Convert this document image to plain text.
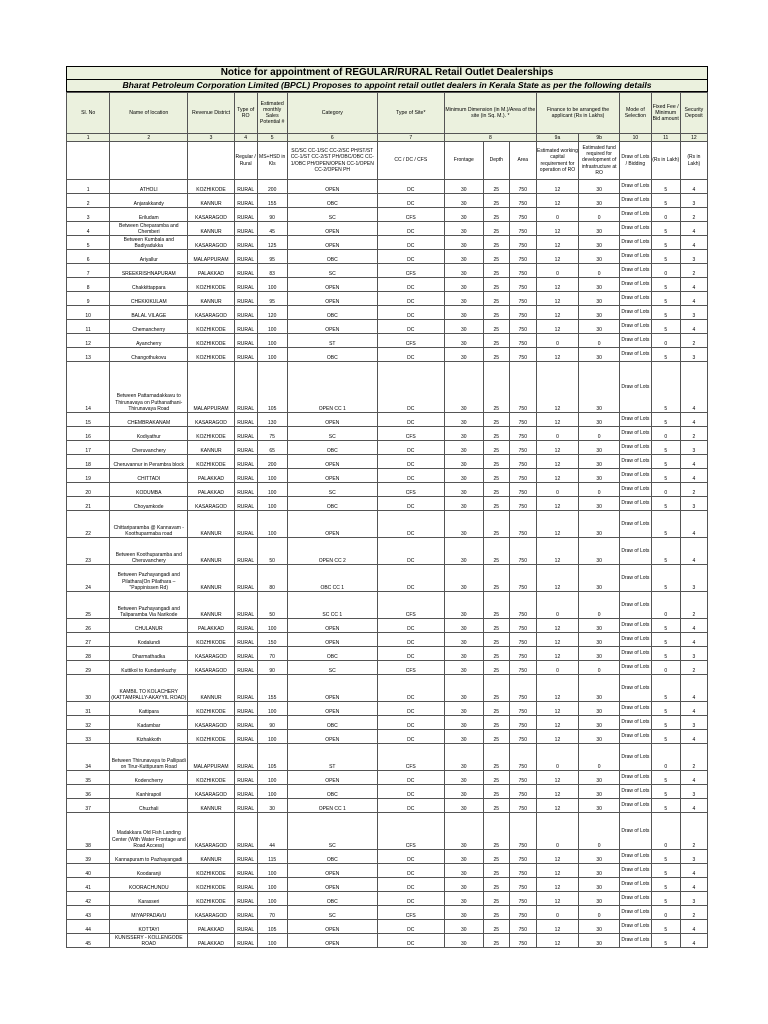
Notice for appointment of REGULAR/RURAL Retail Outlet Dealerships
Bharat Petroleum Corporation Limited (BPCL) Proposes to appoint retail outlet dealers in Kerala State as per the following details
Sl. No	Name of location	Revenue District	Type of RO	Estimated monthly Sales Potential #	Category	Type of Site*	Minimum Dimension (in M.)/Area of the site (in Sq. M.). *			Finance to be arranged the applicant (Rs in Lakhs)		Mode of Selection	Fixed Fee / Minimum Bid amount	Security Deposit
1	2	3	4	5	6	7	8			9a	9b	10	11	12
			Regular / Rural	MS+HSD in Kls	SC/SC CC-1/SC CC-2/SC PH/ST/ST CC-1/ST CC-2/ST PH/OBC/OBC CC-1/OBC PH/OPEN/OPEN CC-1/OPEN CC-2/OPEN PH	CC / DC / CFS	Frontage	Depth	Area	Estimated working capital requirement for operation of RO	Estimated fund required for development of infrastructure at RO	Draw of Lots / Bidding	(Rs in Lakh)	(Rs in Lakh)
1	ATHOLI	KOZHIKODE	RURAL	200	OPEN	DC	30	25	750	12	30	Draw of Lots	5	4
2	Anjarakkandy	KANNUR	RURAL	155	OBC	DC	30	25	750	12	30	Draw of Lots	5	3
3	Eriludam	KASARAGOD	RURAL	90	SC	CFS	30	25	750	0	0	Draw of Lots	0	2
4	Between Cheparamba and Chemberi	KANNUR	RURAL	45	OPEN	DC	30	25	750	12	30	Draw of Lots	5	4
5	Between Kumbala and Badiyadukka	KASARAGOD	RURAL	125	OPEN	DC	30	25	750	12	30	Draw of Lots	5	4
6	Ariyallur	MALAPPURAM	RURAL	95	OBC	DC	30	25	750	12	30	Draw of Lots	5	3
7	SREEKRISHNAPURAM	PALAKKAD	RURAL	83	SC	CFS	30	25	750	0	0	Draw of Lots	0	2
8	Chakkittappara	KOZHIKODE	RURAL	100	OPEN	DC	30	25	750	12	30	Draw of Lots	5	4
9	CHEKKIKULAM	KANNUR	RURAL	95	OPEN	DC	30	25	750	12	30	Draw of Lots	5	4
10	BALAL VILAGE	KASARAGOD	RURAL	120	OBC	DC	30	25	750	12	30	Draw of Lots	5	3
11	Chemancherry	KOZHIKODE	RURAL	100	OPEN	DC	30	25	750	12	30	Draw of Lots	5	4
12	Ayancherry	KOZHIKODE	RURAL	100	ST	CFS	30	25	750	0	0	Draw of Lots	0	2
13	Changothukovu	KOZHIKODE	RURAL	100	OBC	DC	30	25	750	12	30	Draw of Lots	5	3
14	Between Pattarnadakkavu to Thirunavaya on Puthanathani-Thirunavaya Road	MALAPPURAM	RURAL	105	OPEN CC 1	DC	30	25	750	12	30	Draw of Lots	5	4
15	CHEMBRAKANAM	KASARAGOD	RURAL	130	OPEN	DC	30	25	750	12	30	Draw of Lots	5	4
16	Kodiyathur	KOZHIKODE	RURAL	75	SC	CFS	30	25	750	0	0	Draw of Lots	0	2
17	Cheruvanchery	KANNUR	RURAL	65	OBC	DC	30	25	750	12	30	Draw of Lots	5	3
18	Cheruvannur in Perambra block	KOZHIKODE	RURAL	200	OPEN	DC	30	25	750	12	30	Draw of Lots	5	4
19	CHITTADI	PALAKKAD	RURAL	100	OPEN	DC	30	25	750	12	30	Draw of Lots	5	4
20	KODUMBA	PALAKKAD	RURAL	100	SC	CFS	30	25	750	0	0	Draw of Lots	0	2
21	Choyamkode	KASARAGOD	RURAL	100	OBC	DC	30	25	750	12	30	Draw of Lots	5	3
22	Chittariparamba @ Kannavam - Koothuparmaba road	KANNUR	RURAL	100	OPEN	DC	30	25	750	12	30	Draw of Lots	5	4
23	Between Koothuparamba and Cheruvanchery	KANNUR	RURAL	50	OPEN CC 2	DC	30	25	750	12	30	Draw of Lots	5	4
24	Between Pazhayangadi and Pilathara(On Pilathara – "Pappinissen Rd)	KANNUR	RURAL	80	OBC CC 1	DC	30	25	750	12	30	Draw of Lots	5	3
25	Between Pazhayangadi and Taliparamba Via Narikode	KANNUR	RURAL	50	SC CC 1	CFS	30	25	750	0	0	Draw of Lots	0	2
26	CHULANUR	PALAKKAD	RURAL	100	OPEN	DC	30	25	750	12	30	Draw of Lots	5	4
27	Kodalundi	KOZHIKODE	RURAL	150	OPEN	DC	30	25	750	12	30	Draw of Lots	5	4
28	Dharmathadka	KASARAGOD	RURAL	70	OBC	DC	30	25	750	12	30	Draw of Lots	5	3
29	Kuttikol to Kundamkuzhy	KASARAGOD	RURAL	90	SC	CFS	30	25	750	0	0	Draw of Lots	0	2
30	KAMBIL TO KOLACHERY (KATTAMPALLY-AKAYYIL ROAD)	KANNUR	RURAL	155	OPEN	DC	30	25	750	12	30	Draw of Lots	5	4
31	Kattipara	KOZHIKODE	RURAL	100	OPEN	DC	30	25	750	12	30	Draw of Lots	5	4
32	Kadambar	KASARAGOD	RURAL	90	OBC	DC	30	25	750	12	30	Draw of Lots	5	3
33	Kizhakkoth	KOZHIKODE	RURAL	100	OPEN	DC	30	25	750	12	30	Draw of Lots	5	4
34	Between Thirunavaya to Pallipadi on Tirur-Kuttipuram Road	MALAPPURAM	RURAL	105	ST	CFS	30	25	750	0	0	Draw of Lots	0	2
35	Kodencherry	KOZHIKODE	RURAL	100	OPEN	DC	30	25	750	12	30	Draw of Lots	5	4
36	Kanhirapoil	KASARAGOD	RURAL	100	OBC	DC	30	25	750	12	30	Draw of Lots	5	3
37	Chuzhali	KANNUR	RURAL	30	OPEN CC 1	DC	30	25	750	12	30	Draw of Lots	5	4
38	Madakkara Old Fish Landing Center (With Water Frontage and Road Access)	KASARAGOD	RURAL	44	SC	CFS	30	25	750	0	0	Draw of Lots	0	2
39	Kannapuram to Pazhayangadi	KANNUR	RURAL	115	OBC	DC	30	25	750	12	30	Draw of Lots	5	3
40	Koodaranji	KOZHIKODE	RURAL	100	OPEN	DC	30	25	750	12	30	Draw of Lots	5	4
41	KOORACHUNDU	KOZHIKODE	RURAL	100	OPEN	DC	30	25	750	12	30	Draw of Lots	5	4
42	Karasseri	KOZHIKODE	RURAL	100	OBC	DC	30	25	750	12	30	Draw of Lots	5	3
43	MIYAPPADAVU	KASARAGOD	RURAL	70	SC	CFS	30	25	750	0	0	Draw of Lots	0	2
44	KOTTAYI	PALAKKAD	RURAL	105	OPEN	DC	30	25	750	12	30	Draw of Lots	5	4
45	KUNISSERY - KOLLENGODE ROAD	PALAKKAD	RURAL	100	OPEN	DC	30	25	750	12	30	Draw of Lots	5	4
